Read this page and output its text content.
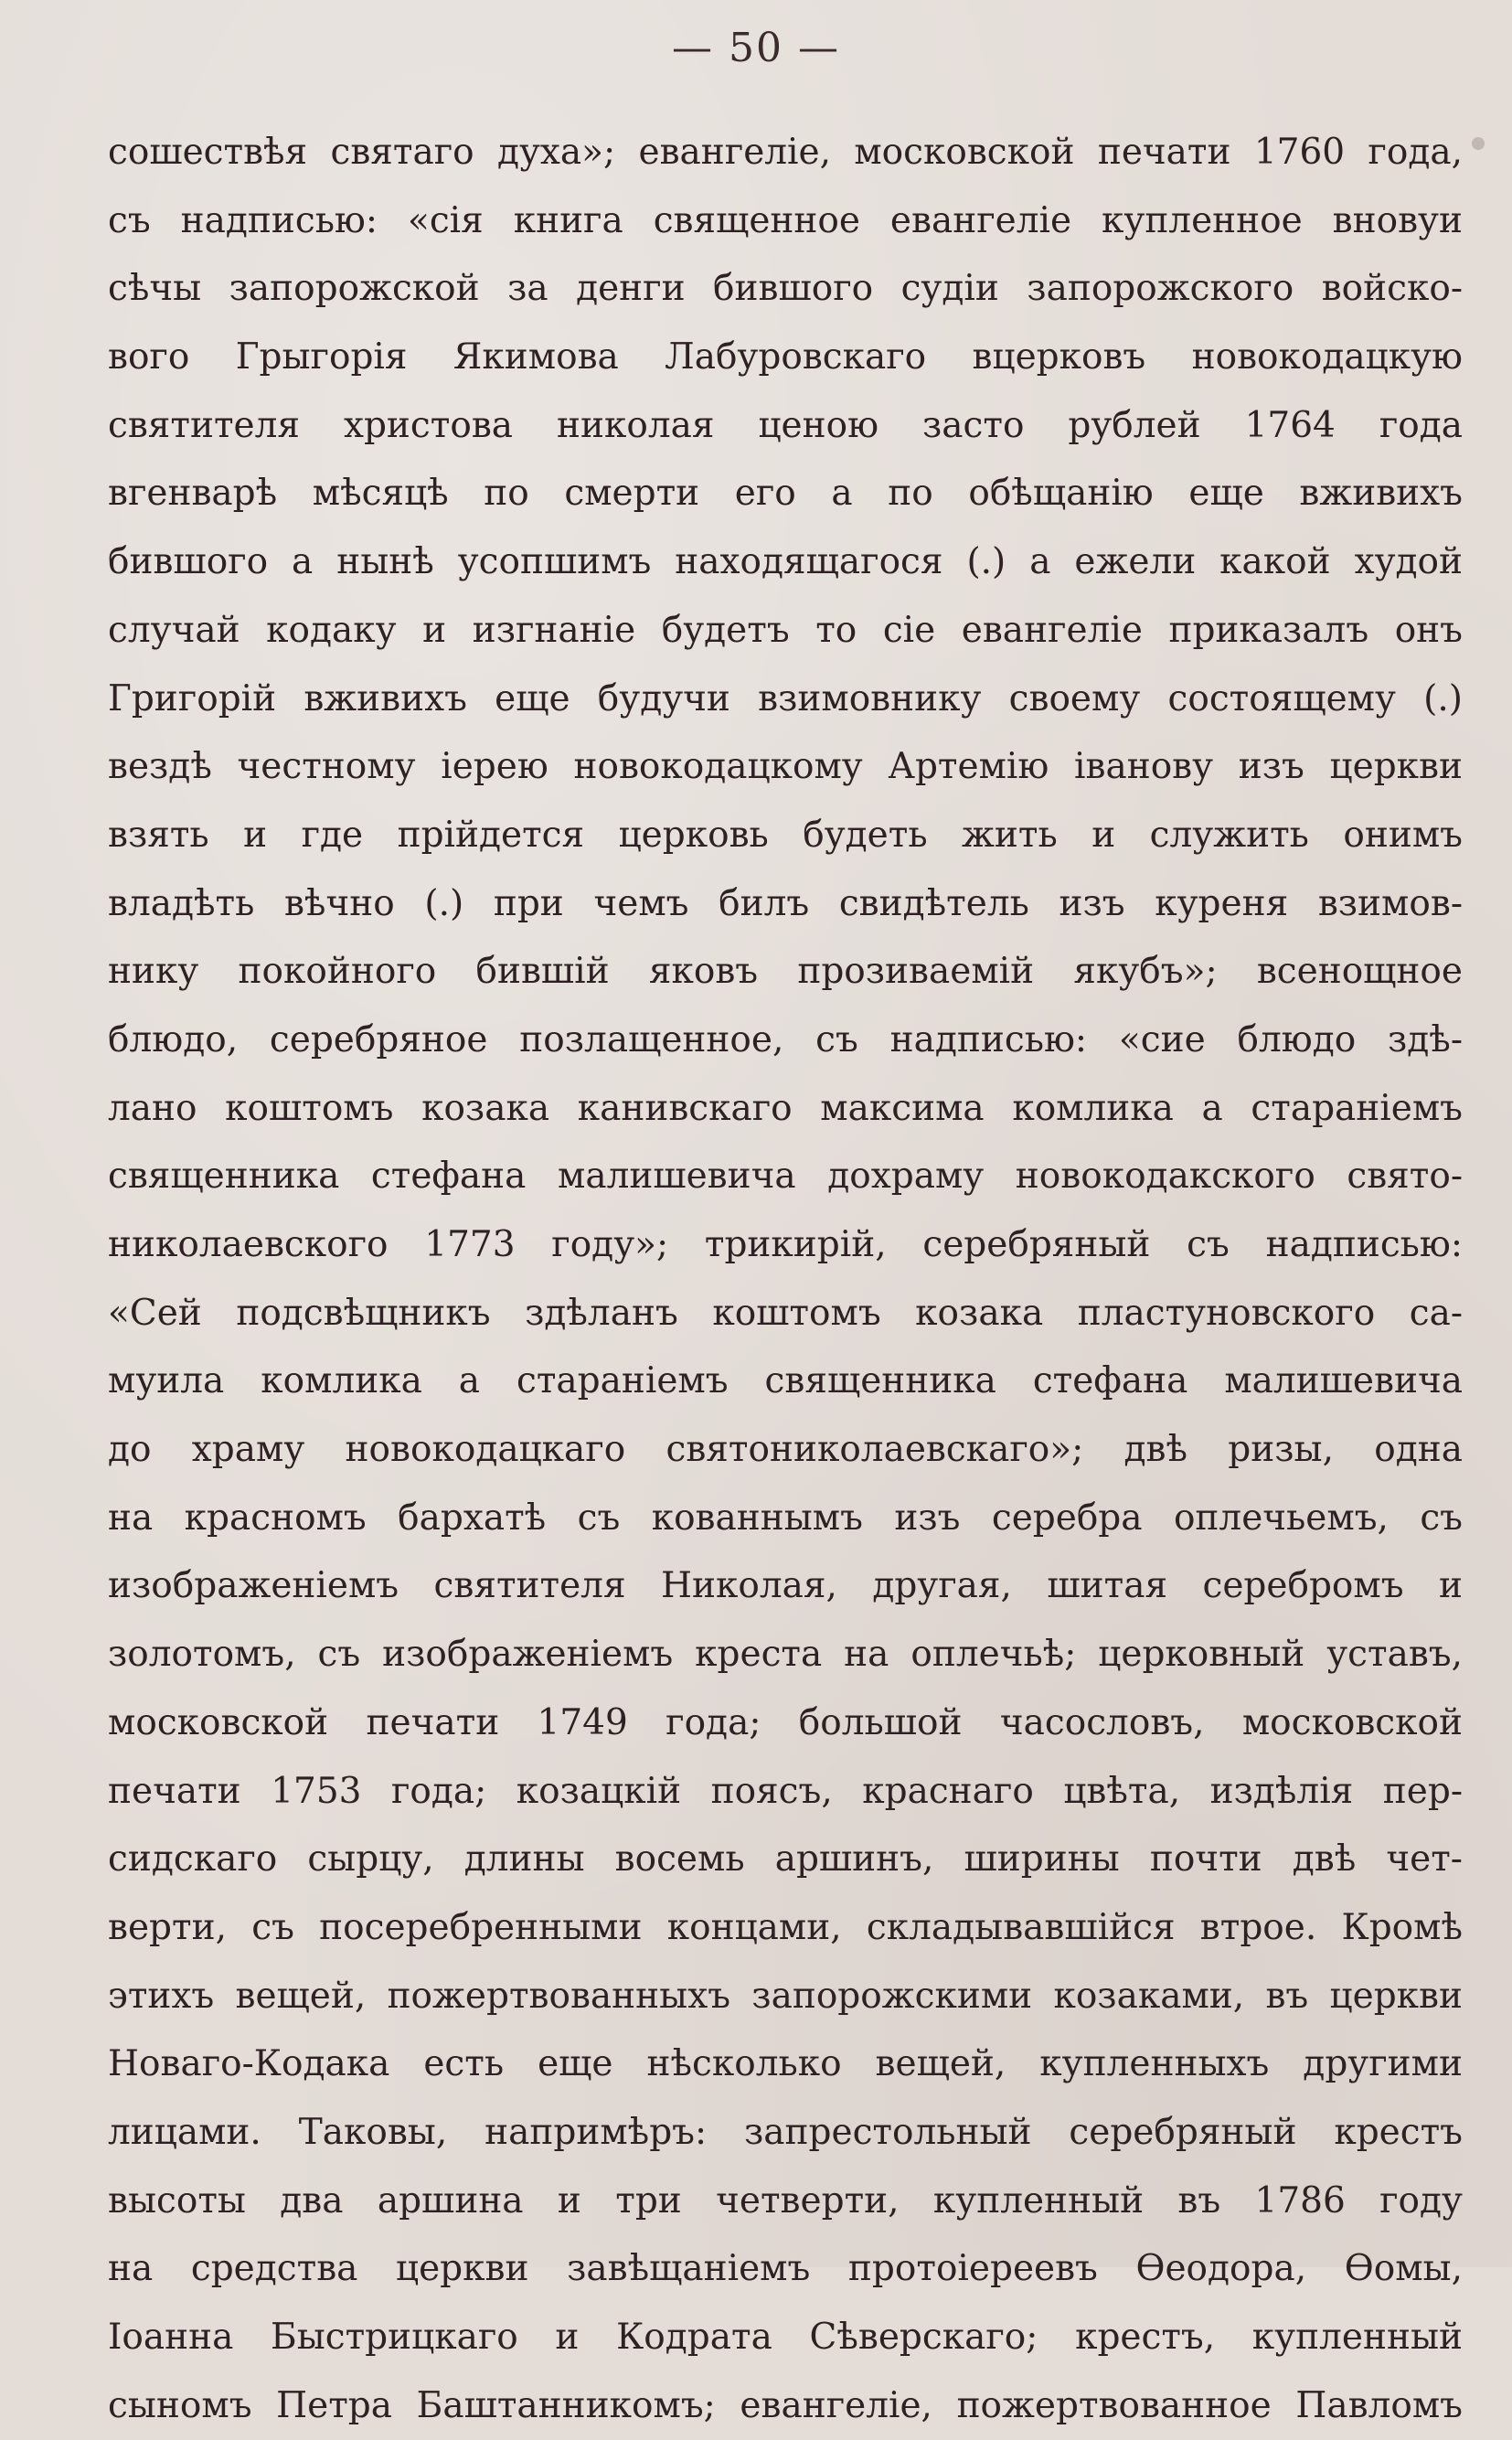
— 50 —
сошествѣя святаго духа»; евангеліе, московской печати 1760 года,
съ надписью: «сія книга священное евангеліе купленное вновуи
сѣчы запорожской за денги бившого судіи запорожского войско-
вого Грыгорія Якимова Лабуровскаго вцерковъ новокодацкую
святителя христова николая ценою засто рублей 1764 года
вгенварѣ мѣсяцѣ по смерти его а по обѣщанію еще вживихъ
бившого а нынѣ усопшимъ находящагося (.) а ежели какой худой
случай кодаку и изгнаніе будетъ то сіе евангеліе приказалъ онъ
Григорій вживихъ еще будучи взимовнику своему состоящему (.)
вездѣ честному іерею новокодацкому Артемію іванову изъ церкви
взять и где прійдется церковь будеть жить и служить онимъ
владѣть вѣчно (.) при чемъ билъ свидѣтель изъ куреня взимов-
нику покойного бившій яковъ прозиваемій якубъ»; всенощное
блюдо, серебряное позлащенное, съ надписью: «сие блюдо здѣ-
лано коштомъ козака канивскаго максима комлика а стараніемъ
священника стефана малишевича дохраму новокодакского свято-
николаевского 1773 году»; трикирій, серебряный съ надписью:
«Сей подсвѣщникъ здѣланъ коштомъ козака пластуновского са-
муила комлика а стараніемъ священника стефана малишевича
до храму новокодацкаго святониколаевскаго»; двѣ ризы, одна
на красномъ бархатѣ съ кованнымъ изъ серебра оплечьемъ, съ
изображеніемъ святителя Николая, другая, шитая серебромъ и
золотомъ, съ изображеніемъ креста на оплечьѣ; церковный уставъ,
московской печати 1749 года; большой часословъ, московской
печати 1753 года; козацкій поясъ, краснаго цвѣта, издѣлія пер-
сидскаго сырцу, длины восемь аршинъ, ширины почти двѣ чет-
верти, съ посеребренными концами, складывавшійся втрое. Кромѣ
этихъ вещей, пожертвованныхъ запорожскими козаками, въ церкви
Новаго-Кодака есть еще нѣсколько вещей, купленныхъ другими
лицами. Таковы, напримѣръ: запрестольный серебряный крестъ
высоты два аршина и три четверти, купленный въ 1786 году
на средства церкви завѣщаніемъ протоіереевъ Өеодора, Өомы,
Іоанна Быстрицкаго и Кодрата Сѣверскаго; крестъ, купленный
сыномъ Петра Баштанникомъ; евангеліе, пожертвованное Павломъ
